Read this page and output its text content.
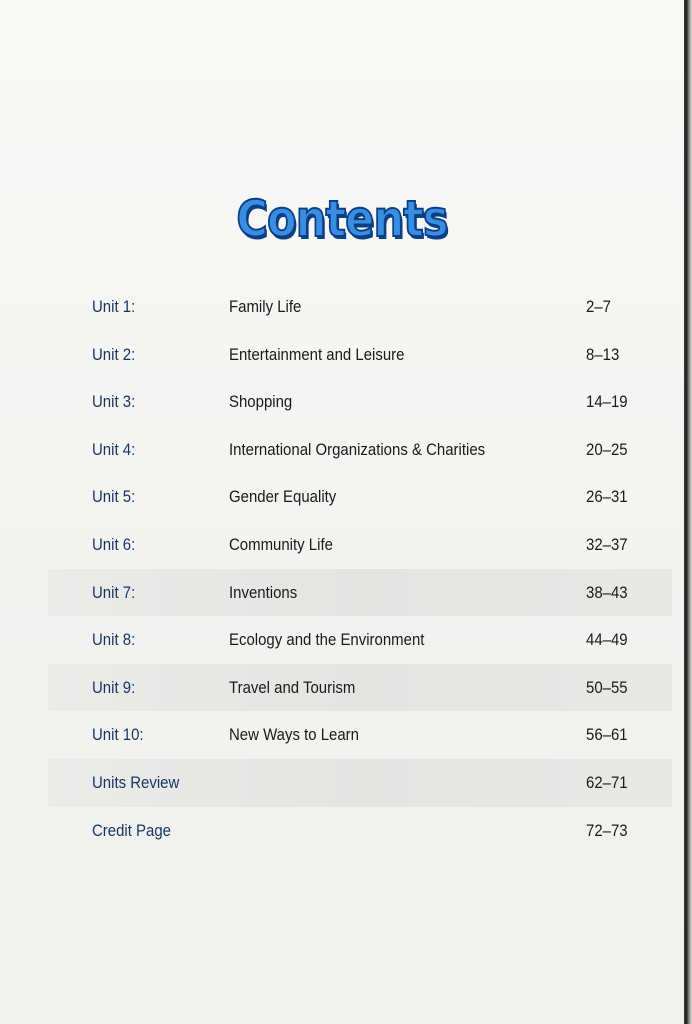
Contents
Unit 1:	Family Life	2–7
Unit 2:	Entertainment and Leisure	8–13
Unit 3:	Shopping	14–19
Unit 4:	International Organizations & Charities	20–25
Unit 5:	Gender Equality	26–31
Unit 6:	Community Life	32–37
Unit 7:	Inventions	38–43
Unit 8:	Ecology and the Environment	44–49
Unit 9:	Travel and Tourism	50–55
Unit 10:	New Ways to Learn	56–61
Units Review	62–71
Credit Page	72–73
